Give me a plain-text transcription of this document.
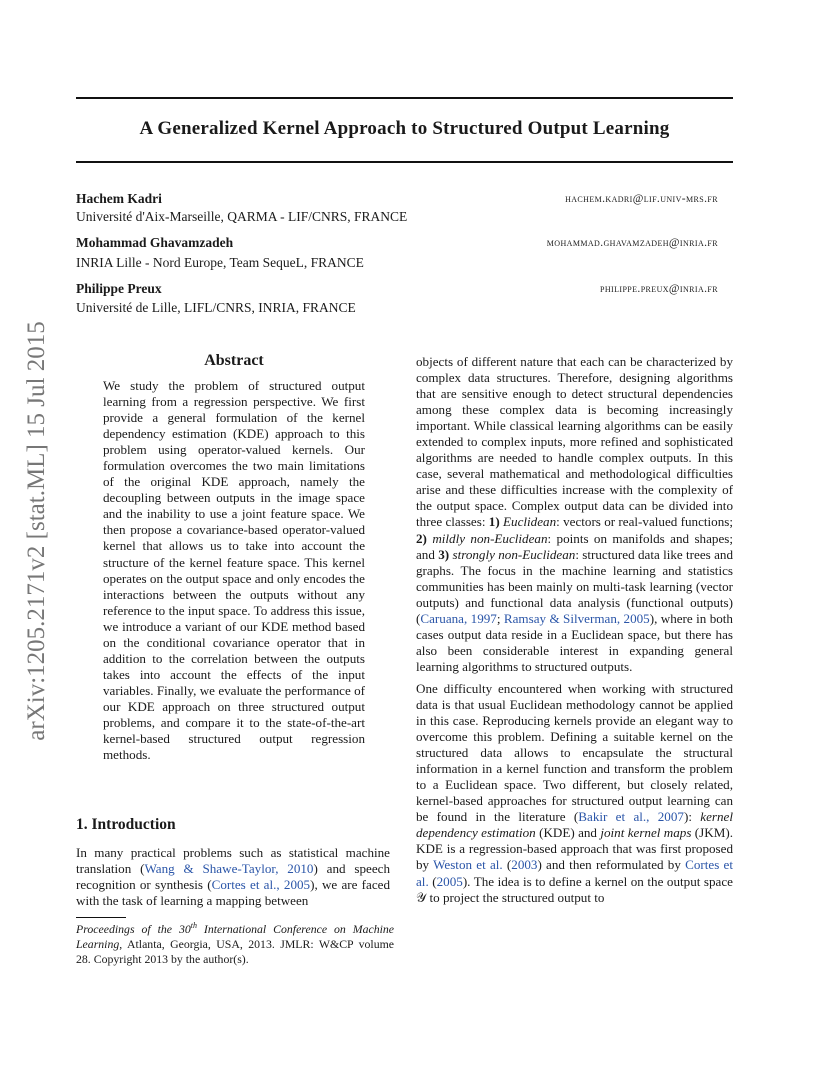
arXiv:1205.2171v2 [stat.ML] 15 Jul 2015
A Generalized Kernel Approach to Structured Output Learning
Hachem Kadri	hachem.kadri@lif.univ-mrs.fr
Université d'Aix-Marseille, QARMA - LIF/CNRS, FRANCE
Mohammad Ghavamzadeh	mohammad.ghavamzadeh@inria.fr
INRIA Lille - Nord Europe, Team SequeL, FRANCE
Philippe Preux	philippe.preux@inria.fr
Université de Lille, LIFL/CNRS, INRIA, FRANCE
Abstract
We study the problem of structured output learning from a regression perspective. We first provide a general formulation of the kernel dependency estimation (KDE) approach to this problem using operator-valued kernels. Our formulation overcomes the two main limitations of the original KDE approach, namely the decoupling between outputs in the image space and the inability to use a joint feature space. We then propose a covariance-based operator-valued kernel that allows us to take into account the structure of the kernel feature space. This kernel operates on the output space and only encodes the interactions between the outputs without any reference to the input space. To address this issue, we introduce a variant of our KDE method based on the conditional covariance operator that in addition to the correlation between the outputs takes into account the effects of the input variables. Finally, we evaluate the performance of our KDE approach on three structured output problems, and compare it to the state-of-the-art kernel-based structured output regression methods.
1. Introduction
In many practical problems such as statistical machine translation (Wang & Shawe-Taylor, 2010) and speech recognition or synthesis (Cortes et al., 2005), we are faced with the task of learning a mapping between
Proceedings of the 30th International Conference on Machine Learning, Atlanta, Georgia, USA, 2013. JMLR: W&CP volume 28. Copyright 2013 by the author(s).

objects of different nature that each can be characterized by complex data structures. Therefore, designing algorithms that are sensitive enough to detect structural dependencies among these complex data is becoming increasingly important. While classical learning algorithms can be easily extended to complex inputs, more refined and sophisticated algorithms are needed to handle complex outputs. In this case, several mathematical and methodological difficulties arise and these difficulties increase with the complexity of the output space. Complex output data can be divided into three classes: 1) Euclidean: vectors or real-valued functions; 2) mildly non-Euclidean: points on manifolds and shapes; and 3) strongly non-Euclidean: structured data like trees and graphs. The focus in the machine learning and statistics communities has been mainly on multi-task learning (vector outputs) and functional data analysis (functional outputs) (Caruana, 1997; Ramsay & Silverman, 2005), where in both cases output data reside in a Euclidean space, but there has also been considerable interest in expanding general learning algorithms to structured outputs.

One difficulty encountered when working with structured data is that usual Euclidean methodology cannot be applied in this case. Reproducing kernels provide an elegant way to overcome this problem. Defining a suitable kernel on the structured data allows to encapsulate the structural information in a kernel function and transform the problem to a Euclidean space. Two different, but closely related, kernel-based approaches for structured output learning can be found in the literature (Bakir et al., 2007): kernel dependency estimation (KDE) and joint kernel maps (JKM). KDE is a regression-based approach that was first proposed by Weston et al. (2003) and then reformulated by Cortes et al. (2005). The idea is to define a kernel on the output space 𝒴 to project the structured output to
